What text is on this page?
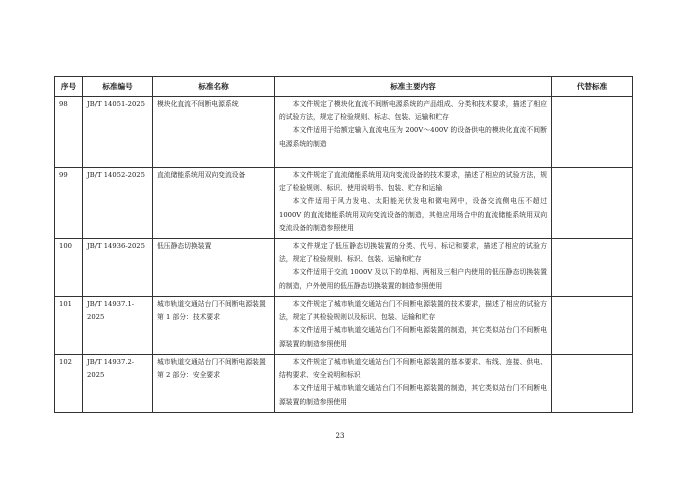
序号	标准编号	标准名称	标准主要内容	代替标准
98	JB/T 14051-2025	模块化直流不间断电源系统	本文件规定了模块化直流不间断电源系统的产品组成、分类和技术要求，描述了相应的试验方法，规定了检验规则、标志、包装、运输和贮存

本文件适用于给额定输入直流电压为 200V～400V 的设备供电的模块化直流不间断电源系统的制造	

99	JB/T 14052-2025	直流储能系统用双向变流设备	本文件规定了直流储能系统用双向变流设备的技术要求，描述了相应的试验方法，规定了检验规则、标识、使用说明书、包装、贮存和运输

本文件适用于风力发电、太阳能光伏发电和微电网中，设备交流侧电压不超过 1000V 的直流储能系统用双向变流设备的制造，其他应用场合中的直流储能系统用双向变流设备的制造参照使用	

100	JB/T 14936-2025	低压静态切换装置	本文件规定了低压静态切换装置的分类、代号、标记和要求，描述了相应的试验方法，规定了检验规则、标识、包装、运输和贮存

本文件适用于交流 1000V 及以下的单相、两相及三相户内使用的低压静态切换装置的制造，户外使用的低压静态切换装置的制造参照使用	

101	JB/T 14937.1-2025	城市轨道交通站台门不间断电源装置 第 1 部分：技术要求	本文件规定了城市轨道交通站台门不间断电源装置的技术要求，描述了相应的试验方法，规定了其检验规则以及标识、包装、运输和贮存

本文件适用于城市轨道交通站台门不间断电源装置的制造，其它类似站台门不间断电源装置的制造参照使用	

102	JB/T 14937.2-2025	城市轨道交通站台门不间断电源装置 第 2 部分：安全要求	本文件规定了城市轨道交通站台门不间断电源装置的基本要求、布线、连接、供电、结构要求、安全说明和标识

本文件适用于城市轨道交通站台门不间断电源装置的制造，其它类似站台门不间断电源装置的制造参照使用	

23
